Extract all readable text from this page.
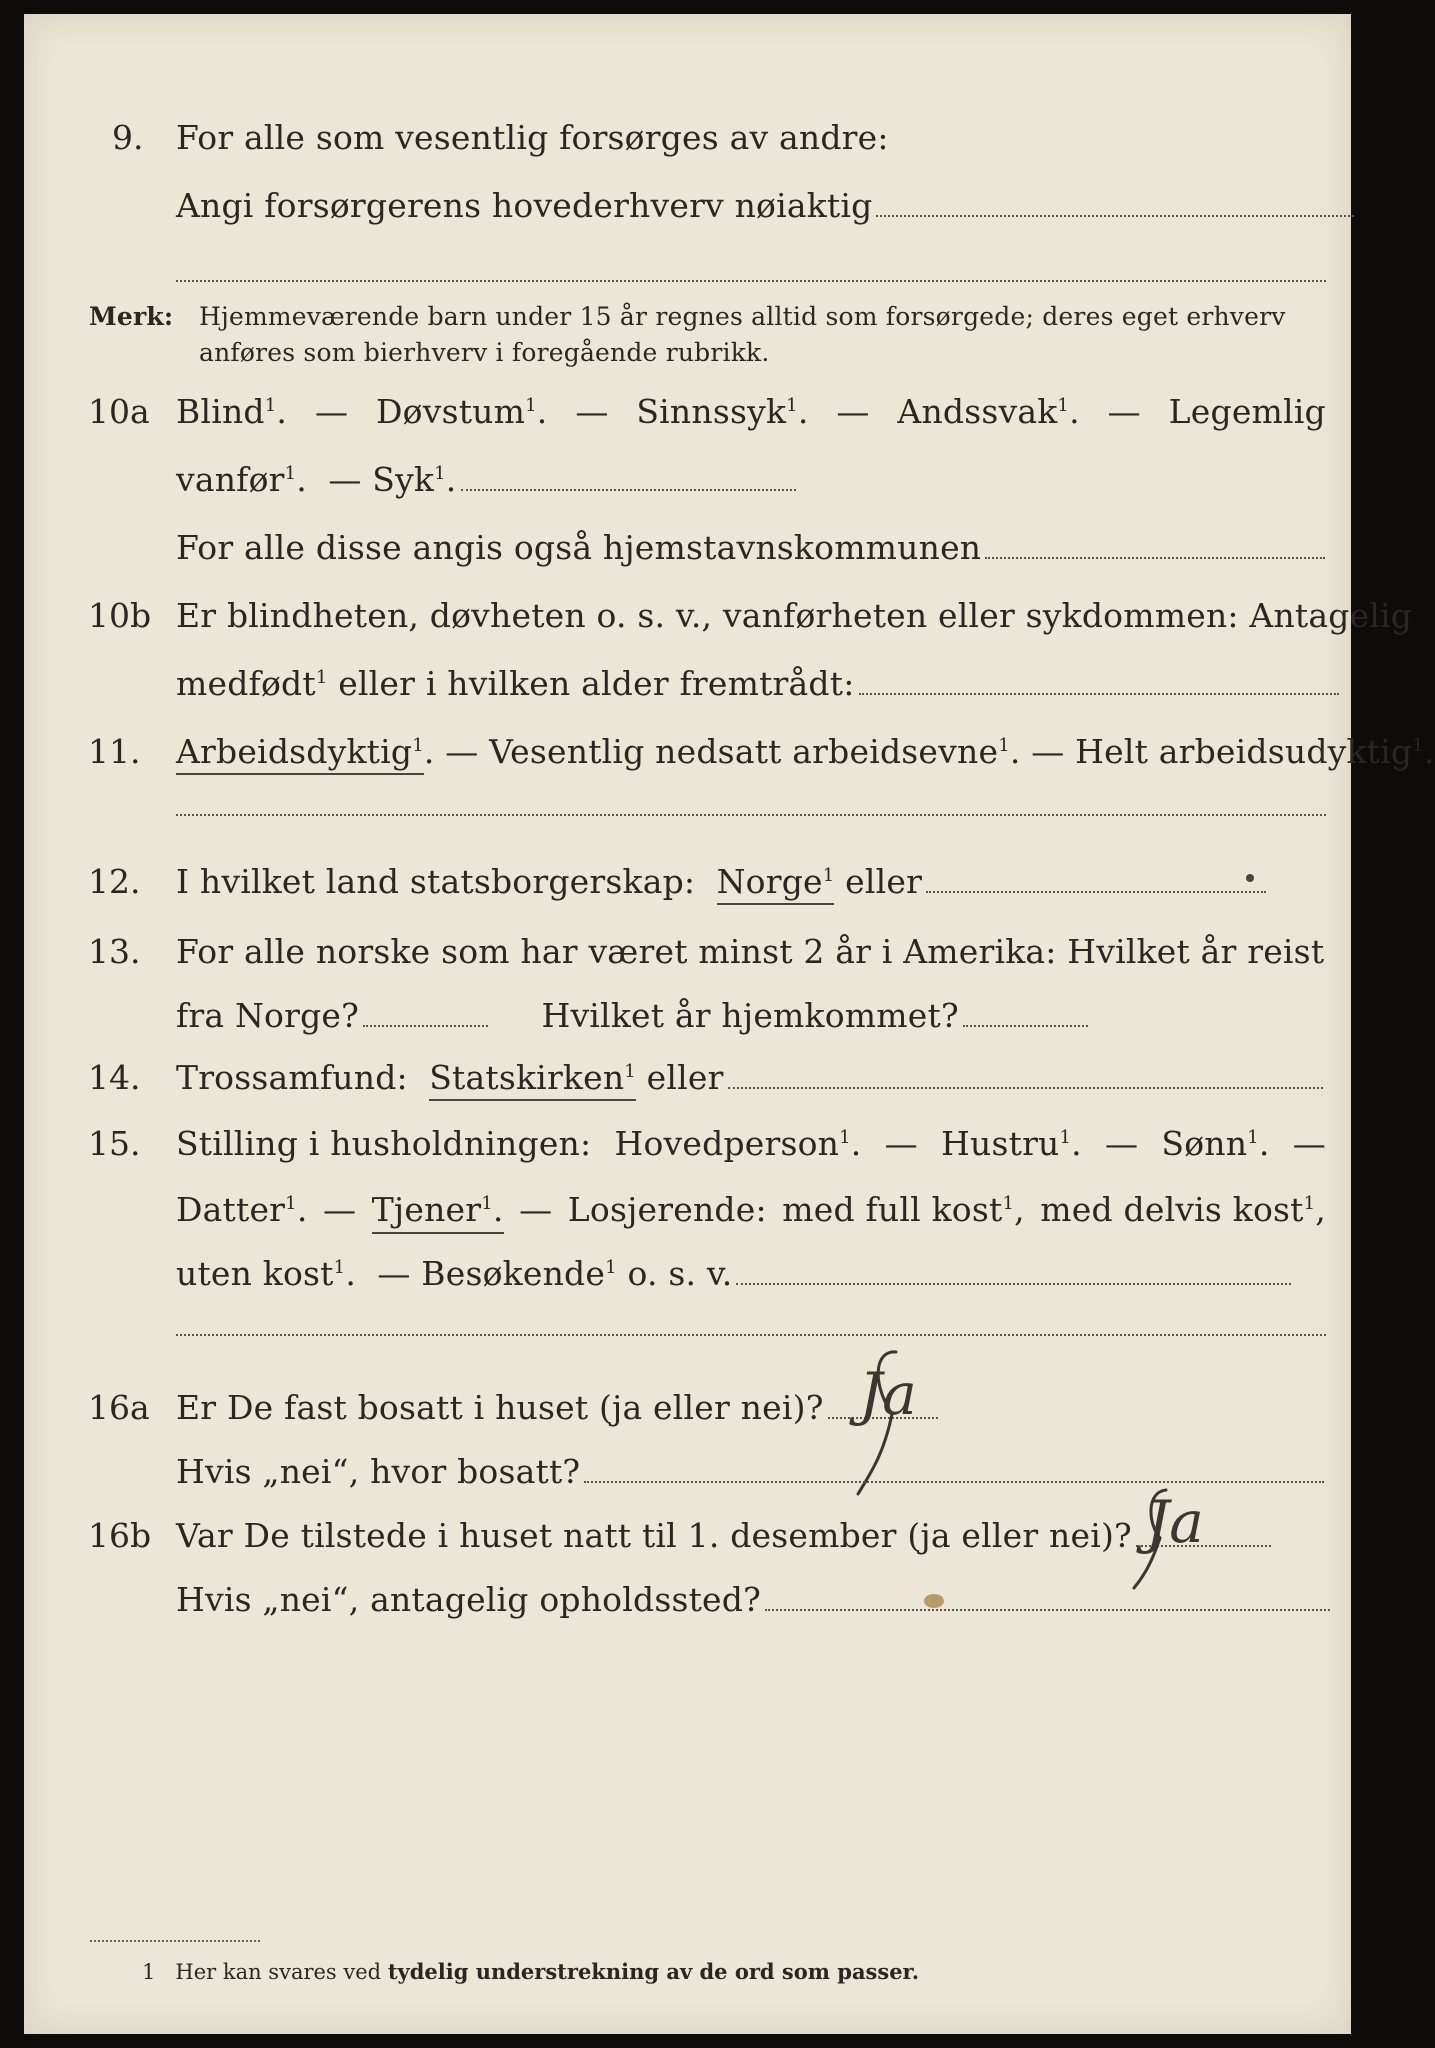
9. For alle som vesentlig forsørges av andre:
Angi forsørgerens hovederhverv nøiaktig
Merk: Hjemmeværende barn under 15 år regnes alltid som forsørgede; deres eget erhverv
anføres som bierhverv i foregående rubrikk.
10a Blind$^1$. — Døvstum$^1$. — Sinnssyk$^1$. — Andssvak$^1$. — Legemlig
vanfør$^1$.  — Syk$^1$.
For alle disse angis også hjemstavnskommunen
10b Er blindheten, døvheten o. s. v., vanførheten eller sykdommen: Antagelig
medfødt$^1$ eller i hvilken alder fremtrådt:
11. Arbeidsdyktig$^1$. — Vesentlig nedsatt arbeidsevne$^1$. — Helt arbeidsudyktig$^1$.
12. I hvilket land statsborgerskap: Norge$^1$ eller
13. For alle norske som har været minst 2 år i Amerika: Hvilket år reist
fra Norge?	Hvilket år hjemkommet?
14. Trossamfund: Statskirken$^1$ eller
15. Stilling i husholdningen: Hovedperson$^1$. — Hustru$^1$. — Sønn$^1$. —
Datter$^1$. — Tjener$^1$. — Losjerende: med full kost$^1$, med delvis kost$^1$,
uten kost$^1$.  — Besøkende$^1$ o. s. v.
16a Er De fast bosatt i huset (ja eller nei)? Ja
Hvis „nei“, hvor bosatt?
16b Var De tilstede i huset natt til 1. desember (ja eller nei)? Ja
Hvis „nei“, antagelig opholdssted?
1 Her kan svares ved tydelig understrekning av de ord som passer.
